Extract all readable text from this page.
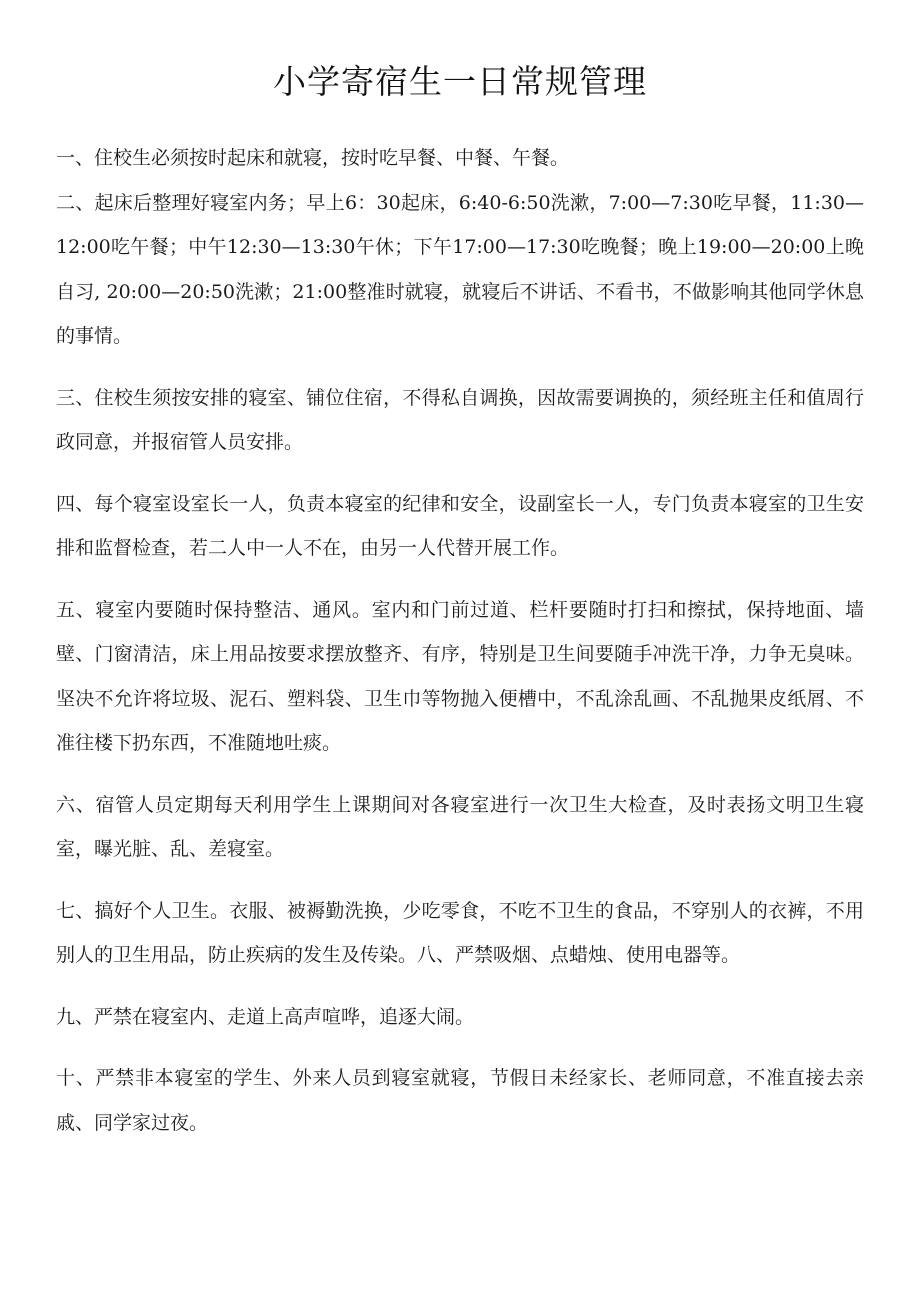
小学寄宿生一日常规管理

一、住校生必须按时起床和就寝，按时吃早餐、中餐、午餐。

二、起床后整理好寝室内务；早上6：30起床，6:40-6:50洗漱，7:00—7:30吃早餐，11:30—12:00吃午餐；中午12:30—13:30午休；下午17:00—17:30吃晚餐；晚上19:00—20:00上晚自习, 20:00—20:50洗漱；21:00整准时就寝，就寝后不讲话、不看书，不做影响其他同学休息的事情。

三、住校生须按安排的寝室、铺位住宿，不得私自调换，因故需要调换的，须经班主任和值周行政同意，并报宿管人员安排。

四、每个寝室设室长一人，负责本寝室的纪律和安全，设副室长一人，专门负责本寝室的卫生安排和监督检查，若二人中一人不在，由另一人代替开展工作。

五、寝室内要随时保持整洁、通风。室内和门前过道、栏杆要随时打扫和擦拭，保持地面、墙壁、门窗清洁，床上用品按要求摆放整齐、有序，特别是卫生间要随手冲洗干净，力争无臭味。坚决不允许将垃圾、泥石、塑料袋、卫生巾等物抛入便槽中，不乱涂乱画、不乱抛果皮纸屑、不准往楼下扔东西，不准随地吐痰。

六、宿管人员定期每天利用学生上课期间对各寝室进行一次卫生大检查，及时表扬文明卫生寝室，曝光脏、乱、差寝室。

七、搞好个人卫生。衣服、被褥勤洗换，少吃零食，不吃不卫生的食品，不穿别人的衣裤，不用别人的卫生用品，防止疾病的发生及传染。八、严禁吸烟、点蜡烛、使用电器等。

九、严禁在寝室内、走道上高声喧哗，追逐大闹。

十、严禁非本寝室的学生、外来人员到寝室就寝，节假日未经家长、老师同意，不准直接去亲戚、同学家过夜。
